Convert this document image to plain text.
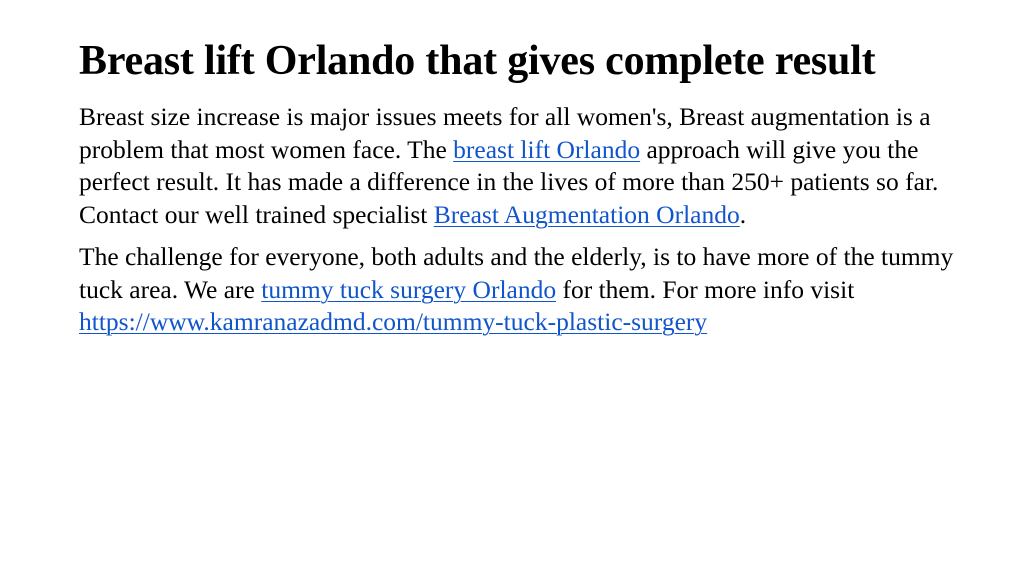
Breast lift Orlando that gives complete result

Breast size increase is major issues meets for all women's, Breast augmentation is a problem that most women face. The breast lift Orlando approach will give you the perfect result. It has made a difference in the lives of more than 250+ patients so far. Contact our well trained specialist Breast Augmentation Orlando.

The challenge for everyone, both adults and the elderly, is to have more of the tummy tuck area. We are tummy tuck surgery Orlando for them. For more info visit https://www.kamranazadmd.com/tummy-tuck-plastic-surgery
